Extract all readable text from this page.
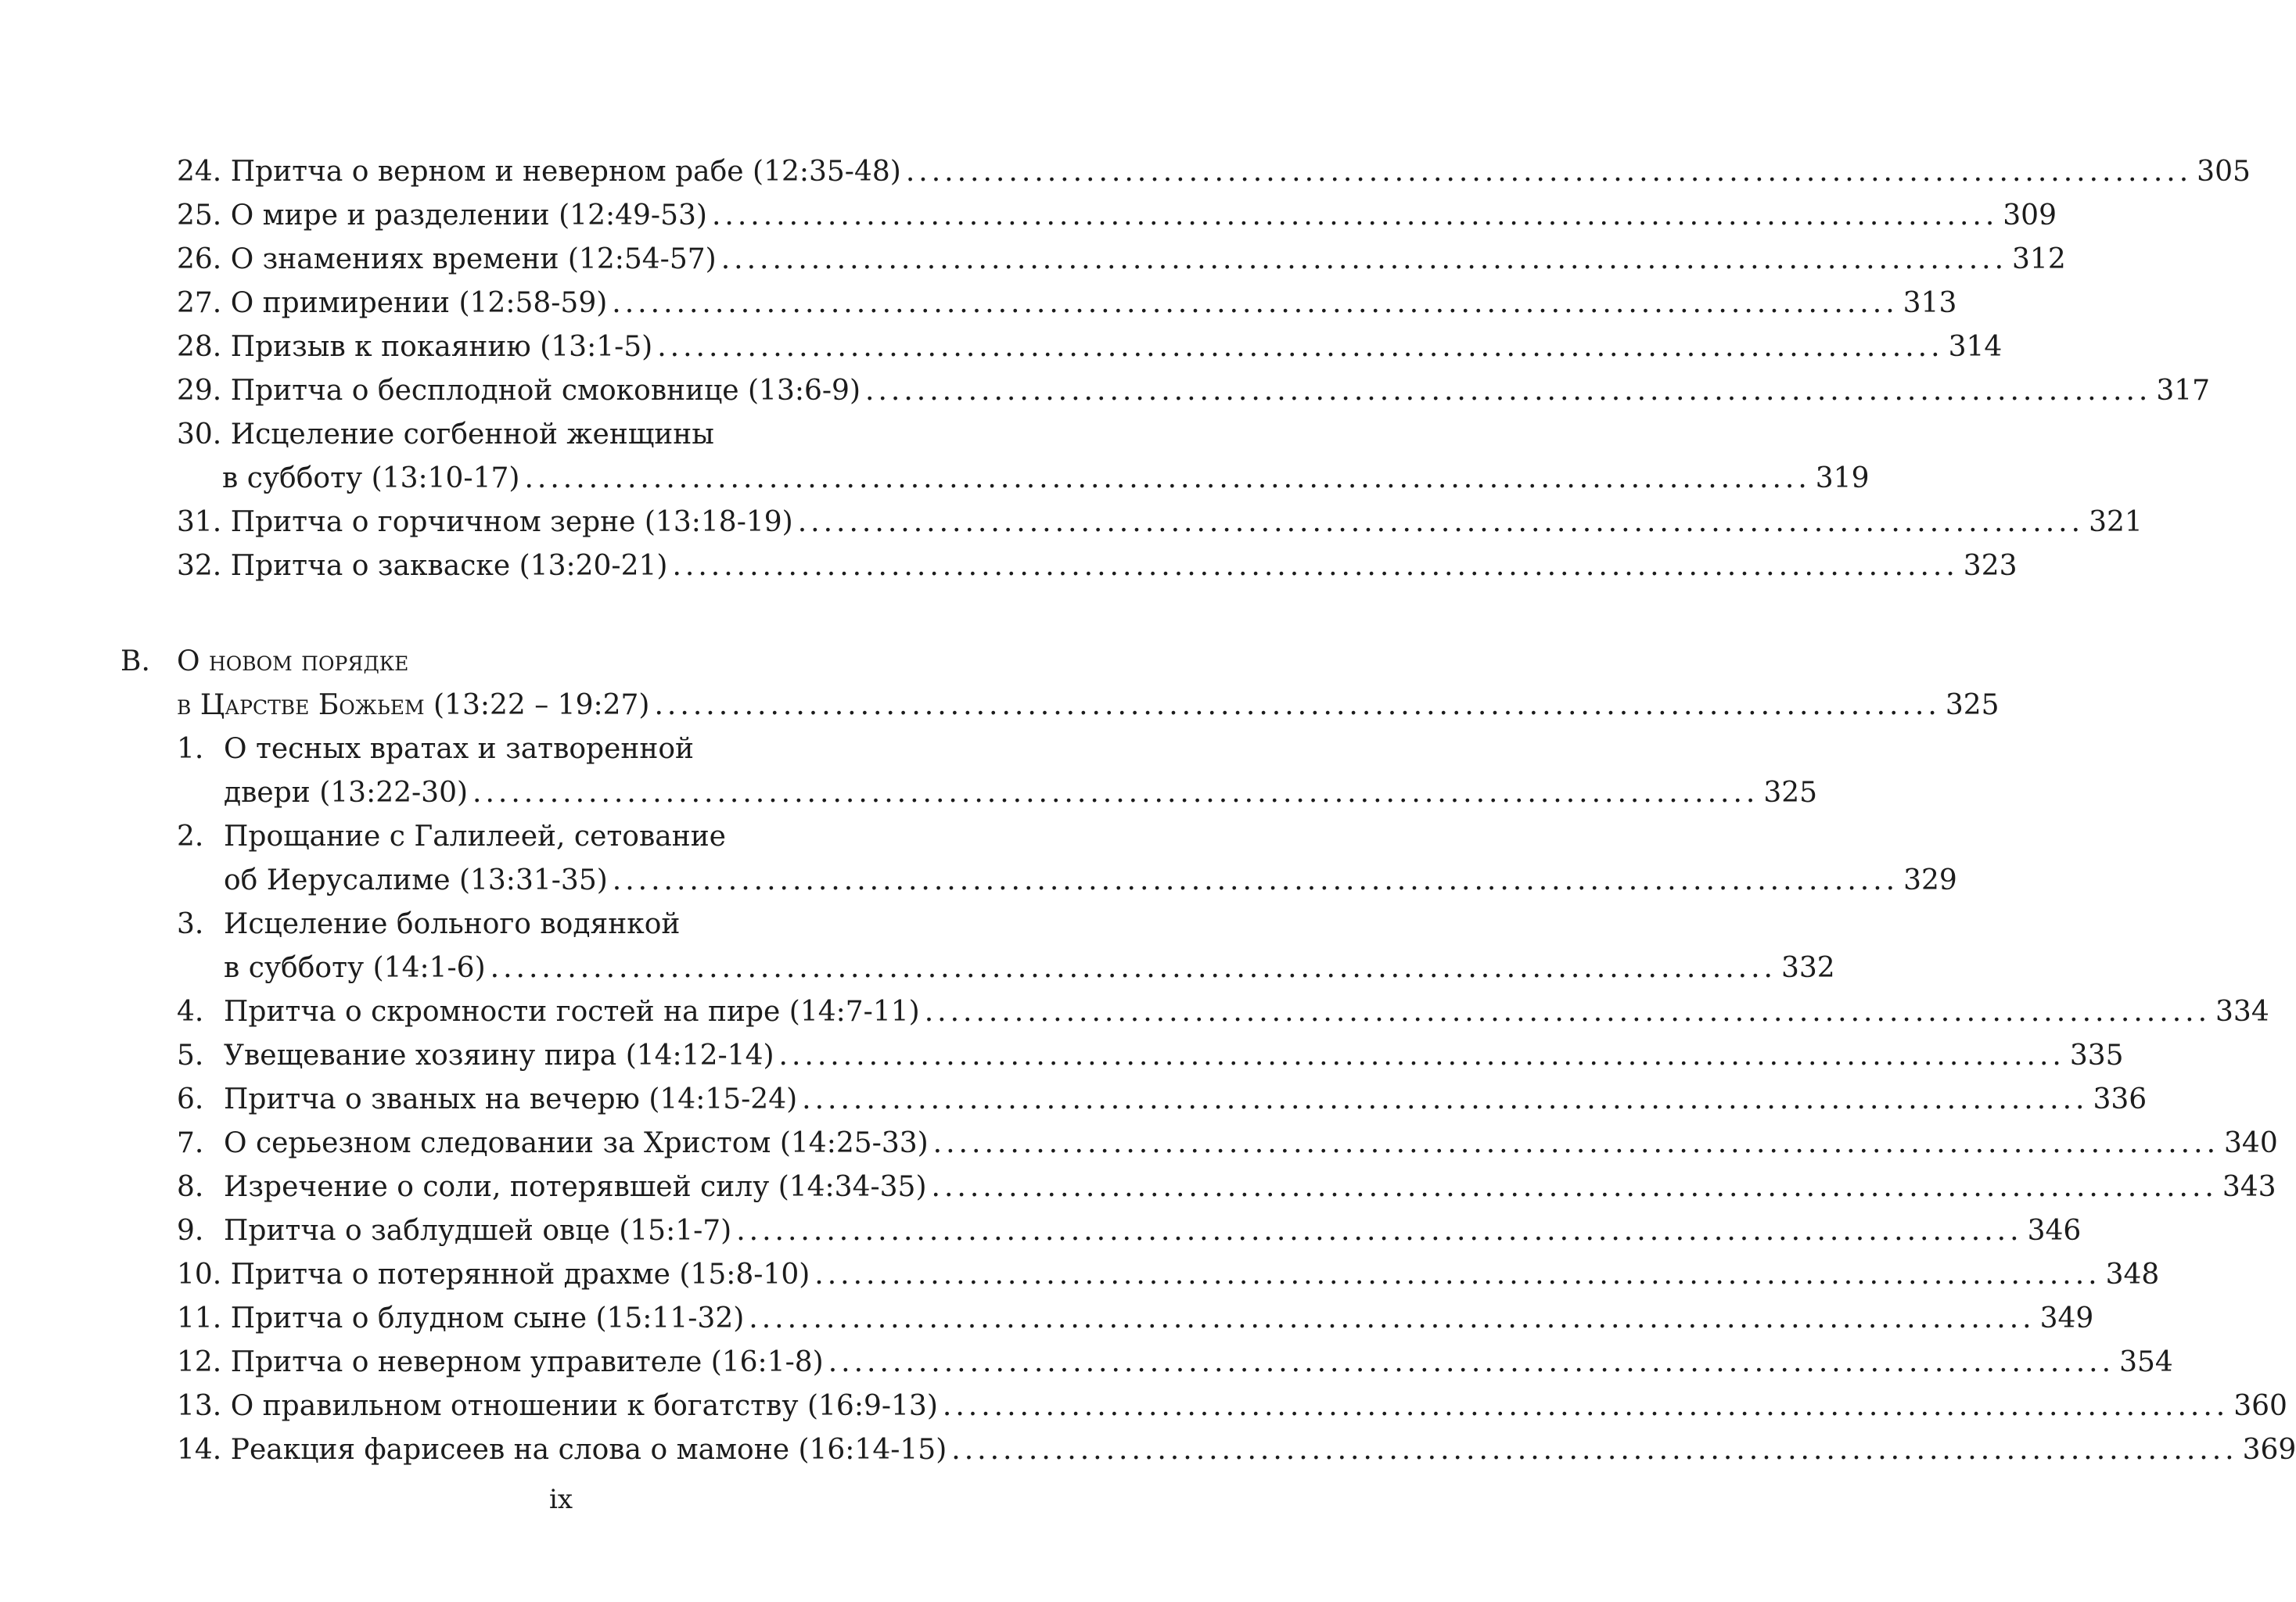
24.
Притча о верном и неверном рабе (12:35-48) .................................................................................................... 305
25.
О мире и разделении (12:49-53) .................................................................................................... 309
26.
О знамениях времени (12:54-57) .................................................................................................... 312
27.
О примирении (12:58-59) .................................................................................................... 313
28.
Призыв к покаянию (13:1-5) .................................................................................................... 314
29.
Притча о бесплодной смоковнице (13:6-9) .................................................................................................... 317
30. Исцеление согбенной женщины
в субботу (13:10-17) .................................................................................................... 319
31.
Притча о горчичном зерне (13:18-19) .................................................................................................... 321
32.
Притча о закваске (13:20-21) .................................................................................................... 323
В. О новом порядке
в Царстве Божьем (13:22 – 19:27) .................................................................................................... 325
1. О тесных вратах и затворенной
двери (13:22-30) .................................................................................................... 325
2. Прощание с Галилеей, сетование
об Иерусалиме (13:31-35) .................................................................................................... 329
3. Исцеление больного водянкой
в субботу (14:1-6) .................................................................................................... 332
4. Притча о скромности гостей на пире (14:7-11) .................................................................................................... 334
5. Увещевание хозяину пира (14:12-14) .................................................................................................... 335
6. Притча о званых на вечерю (14:15-24) .................................................................................................... 336
7. О серьезном следовании за Христом (14:25-33) .................................................................................................... 340
8. Изречение о соли, потерявшей силу (14:34-35) .................................................................................................... 343
9. Притча о заблудшей овце (15:1-7) .................................................................................................... 346
10.
Притча о потерянной драхме (15:8-10) .................................................................................................... 348
11.
Притча о блудном сыне (15:11-32) .................................................................................................... 349
12.
Притча о неверном управителе (16:1-8) .................................................................................................... 354
13.
О правильном отношении к богатству (16:9-13) .................................................................................................... 360
14.
Реакция фарисеев на слова о мамоне (16:14-15) .................................................................................................... 369
ix
